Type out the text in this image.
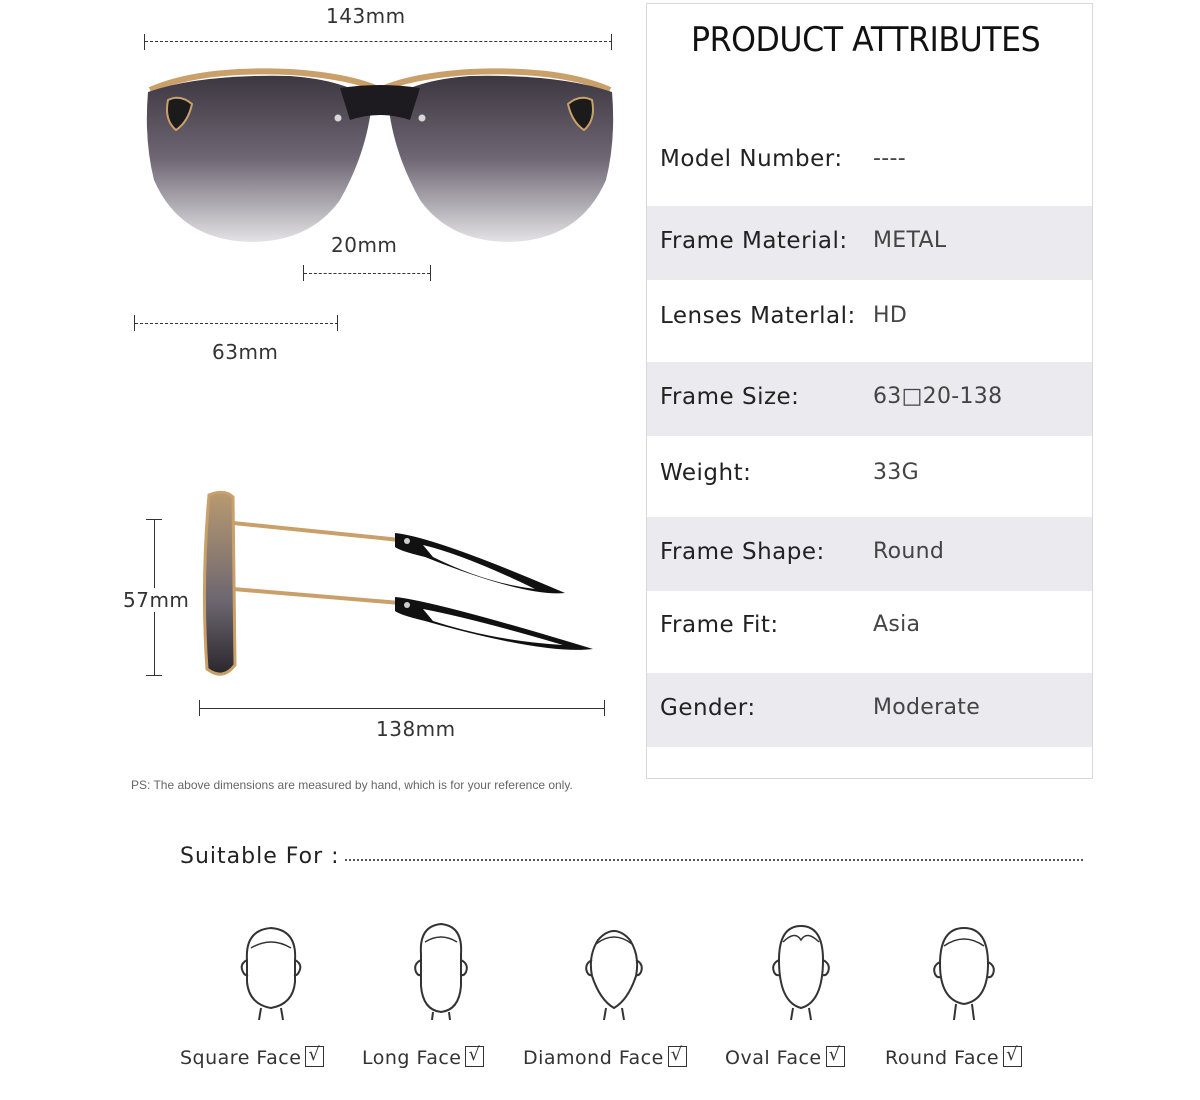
143mm
20mm
63mm
57mm
138mm
PS: The above dimensions are measured by hand, which is for your reference only.
PRODUCT ATTRIBUTES
Model Number: ----
Frame Material: METAL
Lenses Materlal: HD
Frame Size:	63□20-138
Weight:	33G
Frame Shape: Round
Frame Fit:	Asia
Gender:	Moderate
Suitable For :
Square Face √	Long Face √	Diamond Face √	Oval Face √	Round Face√
